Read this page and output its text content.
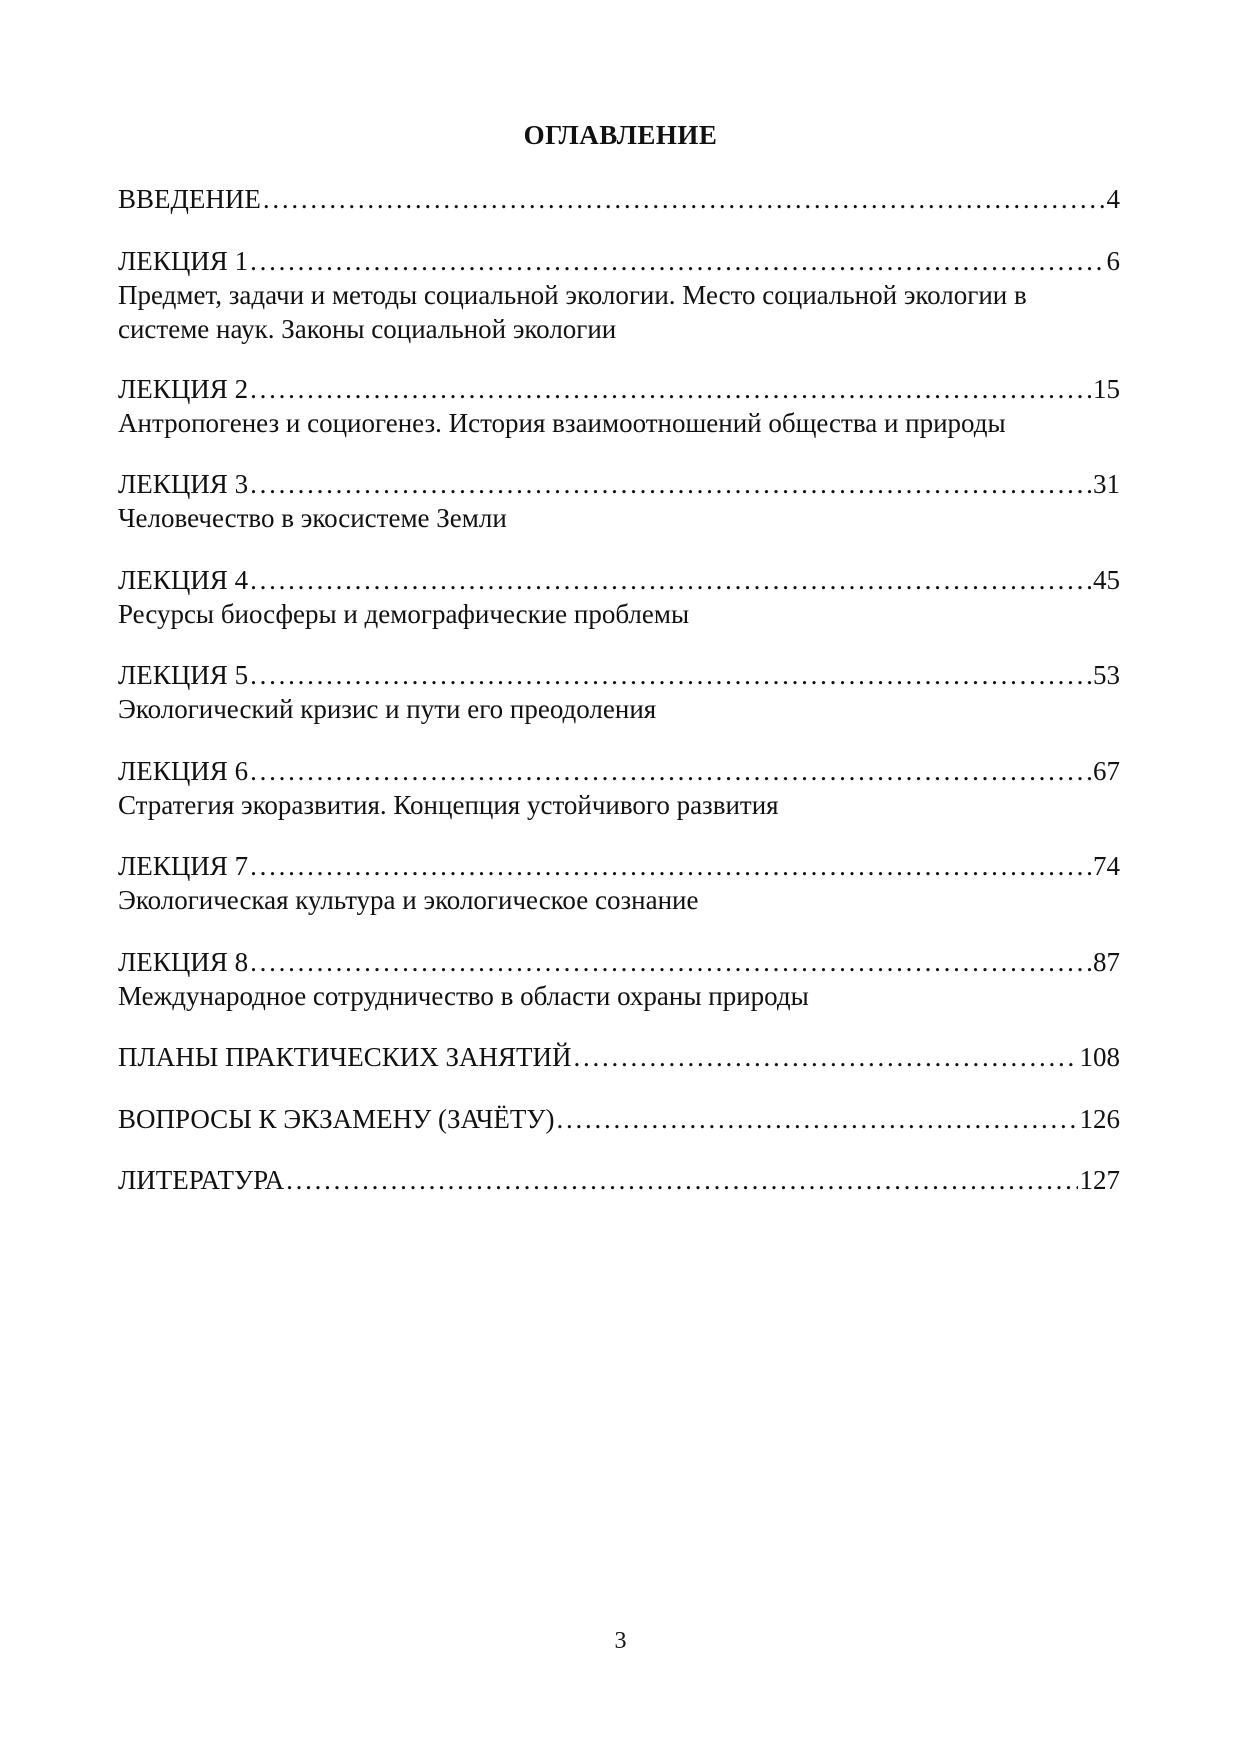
ОГЛАВЛЕНИЕ
ВВЕДЕНИЕ . . .	4
ЛЕКЦИЯ 1 . . .	6
Предмет, задачи и методы социальной экологии. Место социальной экологии в системе наук. Законы социальной экологии
ЛЕКЦИЯ 2 . . .	15
Антропогенез и социогенез. История взаимоотношений общества и природы
ЛЕКЦИЯ 3 . . .	31
Человечество в экосистеме Земли
ЛЕКЦИЯ 4 . . .	45
Ресурсы биосферы и демографические проблемы
ЛЕКЦИЯ 5 . . .	53
Экологический кризис и пути его преодоления
ЛЕКЦИЯ 6 . . .	67
Стратегия экоразвития. Концепция устойчивого развития
ЛЕКЦИЯ 7 . . .	74
Экологическая культура и экологическое сознание
ЛЕКЦИЯ 8 . . .	87
Международное сотрудничество в области охраны природы
ПЛАНЫ ПРАКТИЧЕСКИХ ЗАНЯТИЙ . . .	108
ВОПРОСЫ К ЭКЗАМЕНУ (ЗАЧЁТУ) . . .	126
ЛИТЕРАТУРА . . .	127
3
